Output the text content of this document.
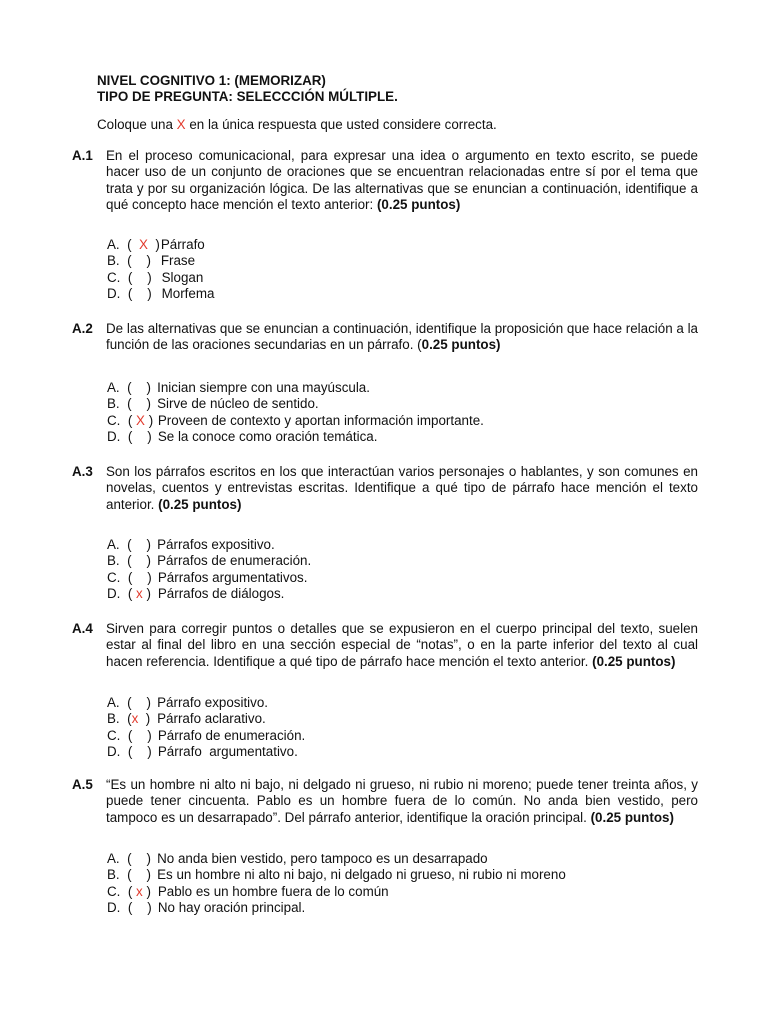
NIVEL COGNITIVO 1: (MEMORIZAR)
TIPO DE PREGUNTA: SELECCCIÓN MÚLTIPLE.
Coloque una X en la única respuesta que usted considere correcta.
A.1 En el proceso comunicacional, para expresar una idea o argumento en texto escrito, se puede hacer uso de un conjunto de oraciones que se encuentran relacionadas entre sí por el tema que trata y por su organización lógica. De las alternativas que se enuncian a continuación, identifique a qué concepto hace mención el texto anterior: (0.25 puntos)
A. (  X  ) Párrafo
B. (    ) Frase
C. (    ) Slogan
D. (    ) Morfema
A.2 De las alternativas que se enuncian a continuación, identifique la proposición que hace relación a la función de las oraciones secundarias en un párrafo. (0.25 puntos)
A. (    ) Inician siempre con una mayúscula.
B. (    ) Sirve de núcleo de sentido.
C. ( X ) Proveen de contexto y aportan información importante.
D. (    ) Se la conoce como oración temática.
A.3 Son los párrafos escritos en los que interactúan varios personajes o hablantes, y son comunes en novelas, cuentos y entrevistas escritas. Identifique a qué tipo de párrafo hace mención el texto anterior. (0.25 puntos)
A. (    ) Párrafos expositivo.
B. (    ) Párrafos de enumeración.
C. (    ) Párrafos argumentativos.
D. ( x ) Párrafos de diálogos.
A.4 Sirven para corregir puntos o detalles que se expusieron en el cuerpo principal del texto, suelen estar al final del libro en una sección especial de “notas”, o en la parte inferior del texto al cual hacen referencia. Identifique a qué tipo de párrafo hace mención el texto anterior. (0.25 puntos)
A. (    ) Párrafo expositivo.
B. (x  ) Párrafo aclarativo.
C. (    ) Párrafo de enumeración.
D. (    ) Párrafo  argumentativo.
A.5 “Es un hombre ni alto ni bajo, ni delgado ni grueso, ni rubio ni moreno; puede tener treinta años, y puede tener cincuenta. Pablo es un hombre fuera de lo común. No anda bien vestido, pero tampoco es un desarrapado”. Del párrafo anterior, identifique la oración principal. (0.25 puntos)
A. (    ) No anda bien vestido, pero tampoco es un desarrapado
B. (    ) Es un hombre ni alto ni bajo, ni delgado ni grueso, ni rubio ni moreno
C. ( x ) Pablo es un hombre fuera de lo común
D. (    ) No hay oración principal.
